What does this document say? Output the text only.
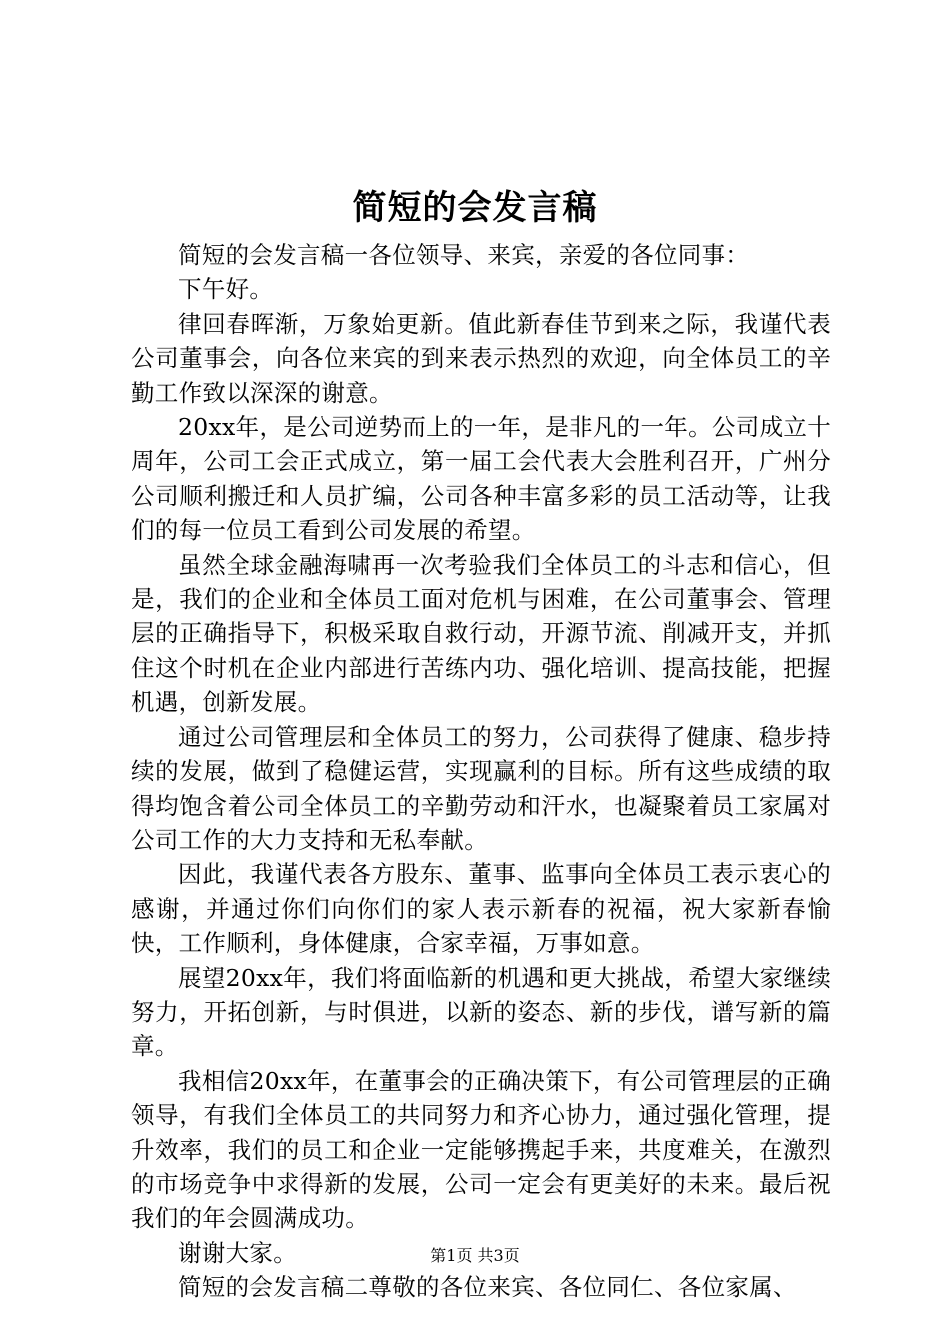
简短的会发言稿

简短的会发言稿一各位领导、来宾，亲爱的各位同事：

下午好。

律回春晖渐，万象始更新。值此新春佳节到来之际，我谨代表公司董事会，向各位来宾的到来表示热烈的欢迎，向全体员工的辛勤工作致以深深的谢意。

20xx年，是公司逆势而上的一年，是非凡的一年。公司成立十周年，公司工会正式成立，第一届工会代表大会胜利召开，广州分公司顺利搬迁和人员扩编，公司各种丰富多彩的员工活动等，让我们的每一位员工看到公司发展的希望。

虽然全球金融海啸再一次考验我们全体员工的斗志和信心，但是，我们的企业和全体员工面对危机与困难，在公司董事会、管理层的正确指导下，积极采取自救行动，开源节流、削减开支，并抓住这个时机在企业内部进行苦练内功、强化培训、提高技能，把握机遇，创新发展。

通过公司管理层和全体员工的努力，公司获得了健康、稳步持续的发展，做到了稳健运营，实现赢利的目标。所有这些成绩的取得均饱含着公司全体员工的辛勤劳动和汗水，也凝聚着员工家属对公司工作的大力支持和无私奉献。

因此，我谨代表各方股东、董事、监事向全体员工表示衷心的感谢，并通过你们向你们的家人表示新春的祝福，祝大家新春愉快，工作顺利，身体健康，合家幸福，万事如意。

展望20xx年，我们将面临新的机遇和更大挑战，希望大家继续努力，开拓创新，与时俱进，以新的姿态、新的步伐，谱写新的篇章。

我相信20xx年，在董事会的正确决策下，有公司管理层的正确领导，有我们全体员工的共同努力和齐心协力，通过强化管理，提升效率，我们的员工和企业一定能够携起手来，共度难关，在激烈的市场竞争中求得新的发展，公司一定会有更美好的未来。最后祝我们的年会圆满成功。

谢谢大家。

简短的会发言稿二尊敬的各位来宾、各位同仁、各位家属、

第1页 共3页
